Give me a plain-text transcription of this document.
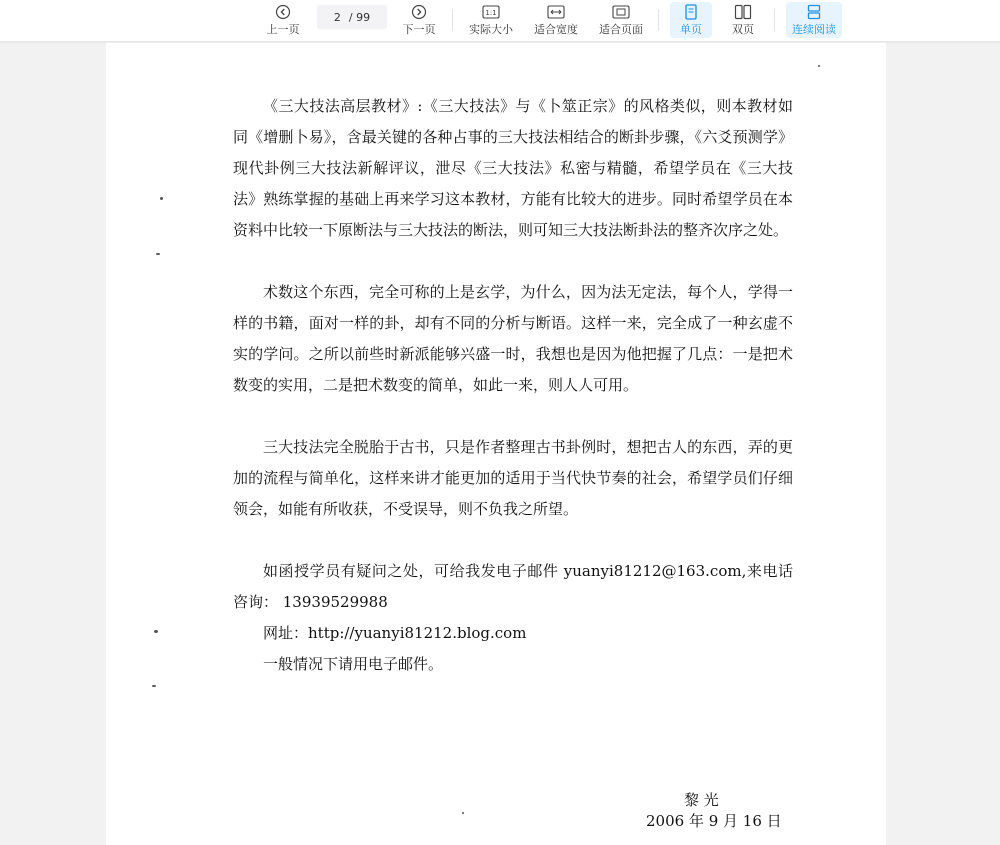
上一页
2 / 99
下一页
1:1
实际大小 适合宽度 适合页面	单页	双页	连续阅读

《三大技法高层教材》:《三大技法》与《卜筮正宗》的风格类似，则本教材如同《增删卜易》，含最关键的各种占事的三大技法相结合的断卦步骤，《六爻预测学》现代卦例三大技法新解评议，泄尽《三大技法》私密与精髓，希望学员在《三大技法》熟练掌握的基础上再来学习这本教材，方能有比较大的进步。同时希望学员在本资料中比较一下原断法与三大技法的断法，则可知三大技法断卦法的整齐次序之处。

术数这个东西，完全可称的上是玄学，为什么，因为法无定法，每个人，学得一样的书籍，面对一样的卦，却有不同的分析与断语。这样一来，完全成了一种玄虚不实的学问。之所以前些时新派能够兴盛一时，我想也是因为他把握了几点：一是把术数变的实用，二是把术数变的简单，如此一来，则人人可用。

三大技法完全脱胎于古书，只是作者整理古书卦例时，想把古人的东西，弄的更加的流程与简单化，这样来讲才能更加的适用于当代快节奏的社会，希望学员们仔细领会，如能有所收获，不受误导，则不负我之所望。

如函授学员有疑问之处，可给我发电子邮件 yuanyi81212@163.com,来电话咨询： 13939529988

网址：http://yuanyi81212.blog.com

一般情况下请用电子邮件。

黎 光
2006 年 9 月 16 日
